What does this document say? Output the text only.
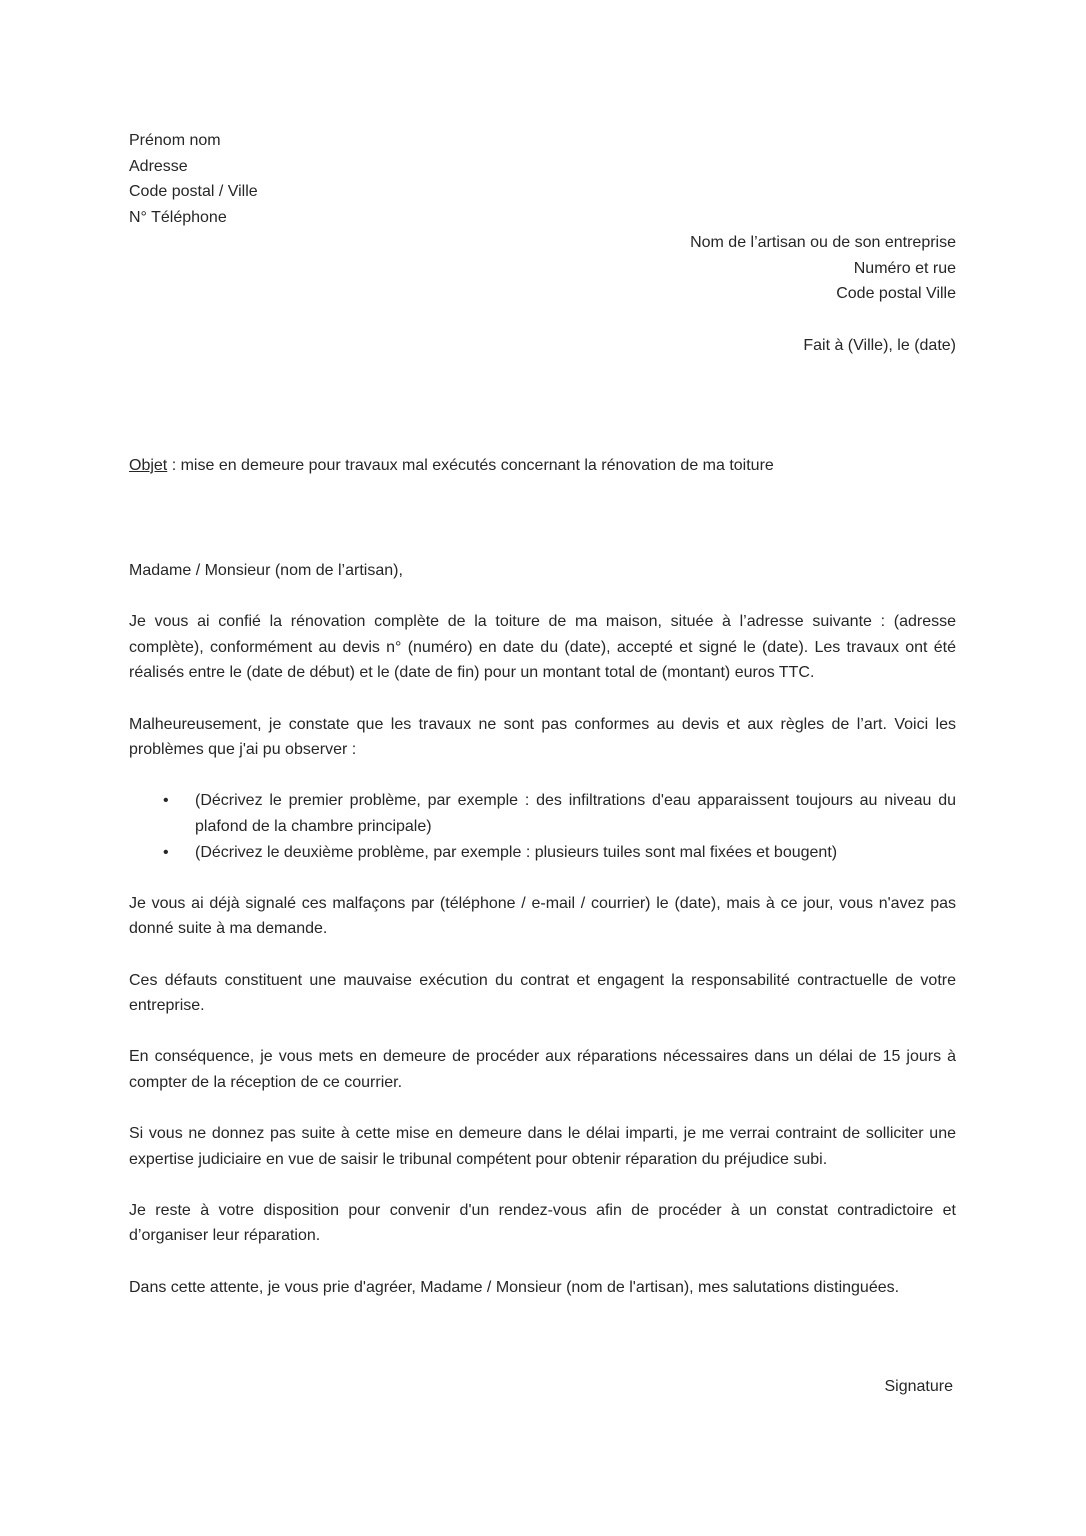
Prénom nom
Adresse
Code postal / Ville
N° Téléphone
Nom de l’artisan ou de son entreprise
Numéro et rue
Code postal Ville
Fait à (Ville), le (date)
Objet : mise en demeure pour travaux mal exécutés concernant la rénovation de ma toiture

Madame / Monsieur (nom de l’artisan),

Je vous ai confié la rénovation complète de la toiture de ma maison, située à l’adresse suivante : (adresse complète), conformément au devis n° (numéro) en date du (date), accepté et signé le (date). Les travaux ont été réalisés entre le (date de début) et le (date de fin) pour un montant total de (montant) euros TTC.

Malheureusement, je constate que les travaux ne sont pas conformes au devis et aux règles de l’art. Voici les problèmes que j'ai pu observer :

• (Décrivez le premier problème, par exemple : des infiltrations d'eau apparaissent toujours au niveau du plafond de la chambre principale)
• (Décrivez le deuxième problème, par exemple : plusieurs tuiles sont mal fixées et bougent)

Je vous ai déjà signalé ces malfaçons par (téléphone / e-mail / courrier) le (date), mais à ce jour, vous n'avez pas donné suite à ma demande.

Ces défauts constituent une mauvaise exécution du contrat et engagent la responsabilité contractuelle de votre entreprise.

En conséquence, je vous mets en demeure de procéder aux réparations nécessaires dans un délai de 15 jours à compter de la réception de ce courrier.

Si vous ne donnez pas suite à cette mise en demeure dans le délai imparti, je me verrai contraint de solliciter une expertise judiciaire en vue de saisir le tribunal compétent pour obtenir réparation du préjudice subi.

Je reste à votre disposition pour convenir d'un rendez-vous afin de procéder à un constat contradictoire et d’organiser leur réparation.

Dans cette attente, je vous prie d'agréer, Madame / Monsieur (nom de l'artisan), mes salutations distinguées.

Signature
